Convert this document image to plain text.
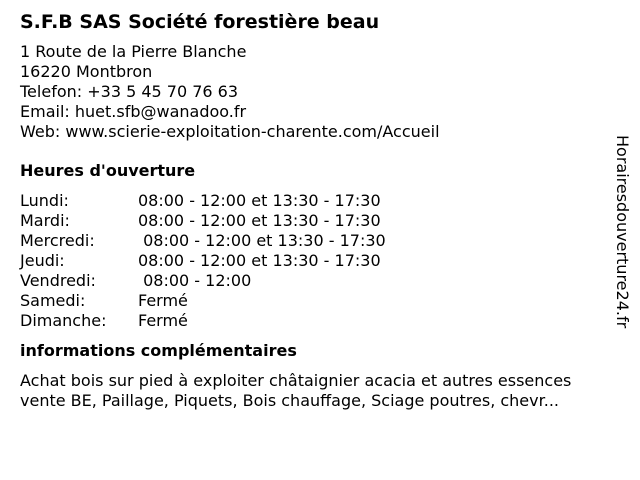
S.F.B SAS Société forestière beau
1 Route de la Pierre Blanche
16220 Montbron
Telefon: +33 5 45 70 76 63
Email: huet.sfb@wanadoo.fr
Web: www.scierie-exploitation-charente.com/Accueil
Heures d'ouverture
Lundi:	08:00 - 12:00 et 13:30 - 17:30
Mardi:	08:00 - 12:00 et 13:30 - 17:30
Mercredi:	08:00 - 12:00 et 13:30 - 17:30
Jeudi:	08:00 - 12:00 et 13:30 - 17:30
Vendredi:	08:00 - 12:00
Samedi:	Fermé
Dimanche:	Fermé
informations complémentaires
Achat bois sur pied à exploiter châtaignier acacia et autres essences
vente BE, Paillage, Piquets, Bois chauffage, Sciage poutres, chevr...
Horairesdouverture24.fr
